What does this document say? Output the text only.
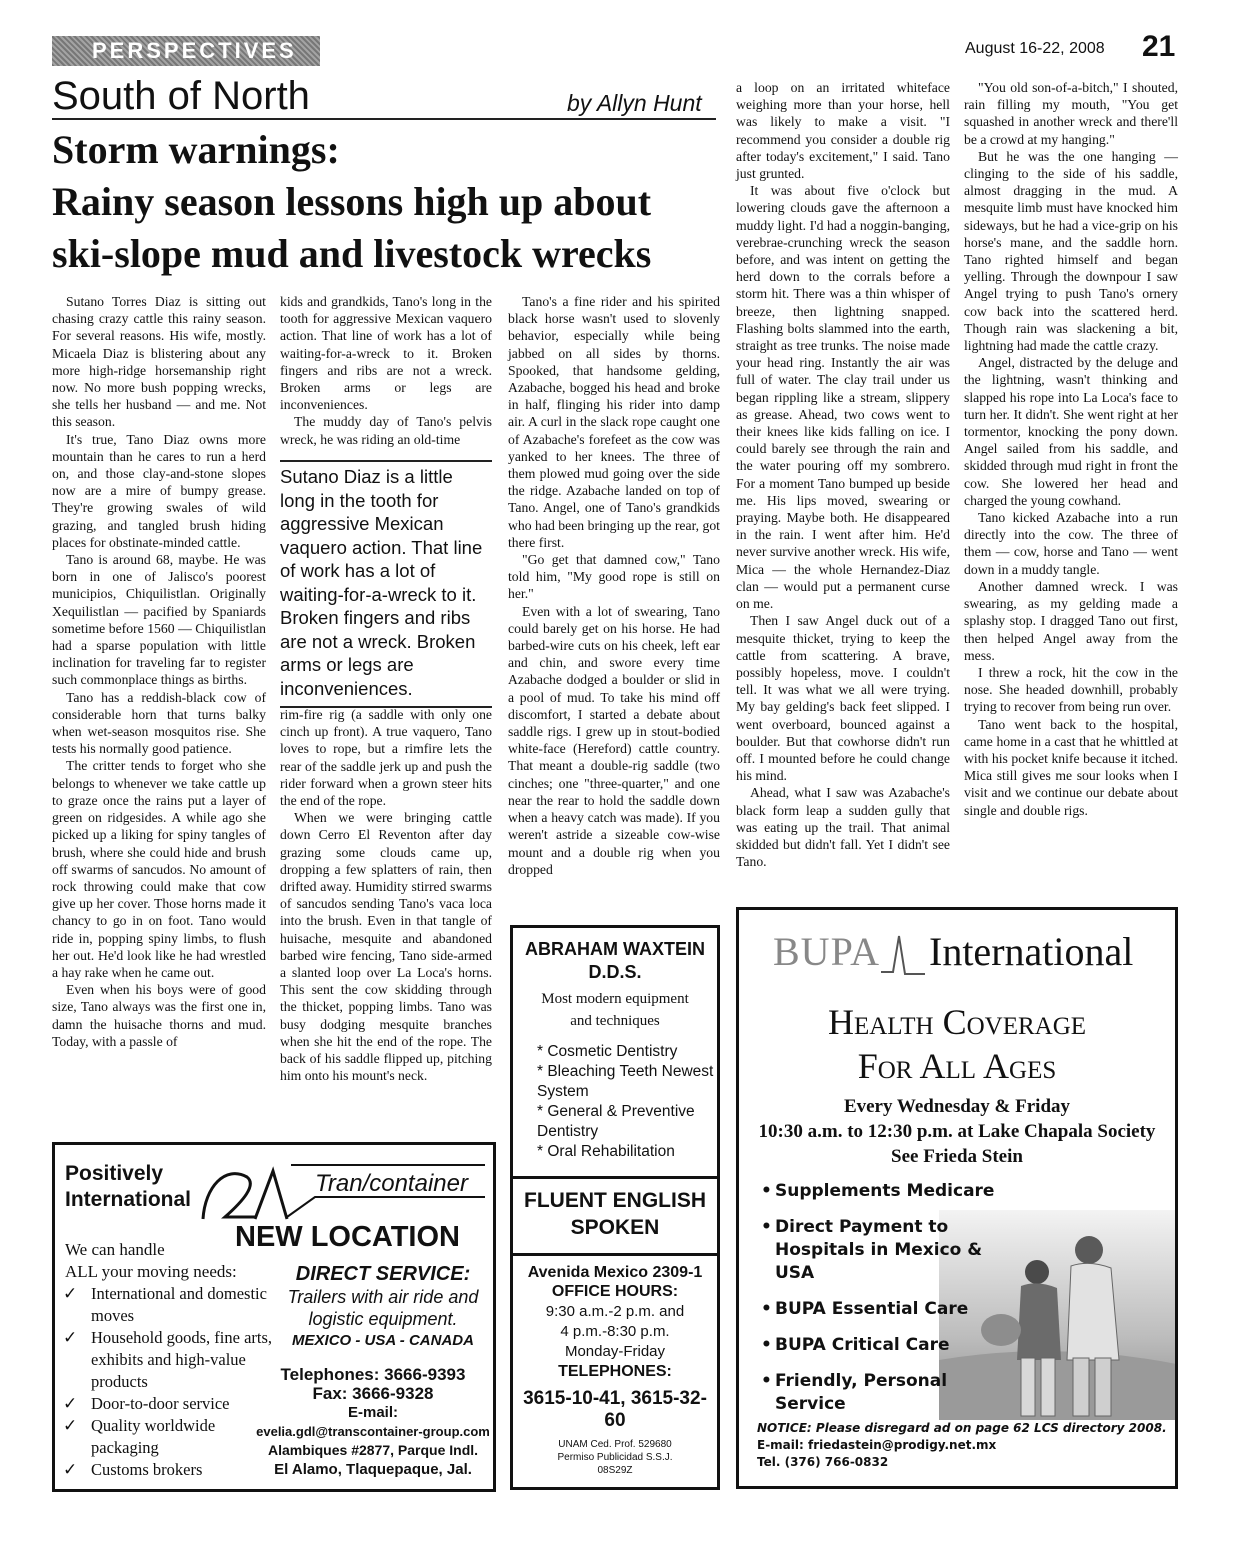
PERSPECTIVES	August 16-22, 2008 21
South of North	by Allyn Hunt
Storm warnings:
Rainy season lessons high up about
ski-slope mud and livestock wrecks

Sutano Torres Diaz is sitting out chasing crazy cattle this rainy season. For several reasons. His wife, mostly. Micaela Diaz is blistering about any more high-ridge horsemanship right now. No more bush popping wrecks, she tells her husband — and me. Not this season.

It's true, Tano Diaz owns more mountain than he cares to run a herd on, and those clay-and-stone slopes now are a mire of bumpy grease. They're growing swales of wild grazing, and tangled brush hiding places for obstinate-minded cattle.

Tano is around 68, maybe. He was born in one of Jalisco's poorest municipios, Chiquilistlan. Originally Xequilistlan — pacified by Spaniards sometime before 1560 — Chiquilistlan had a sparse population with little inclination for traveling far to register such commonplace things as births.

Tano has a reddish-black cow of considerable horn that turns balky when wet-season mosquitos rise. She tests his normally good patience.

The critter tends to forget who she belongs to whenever we take cattle up to graze once the rains put a layer of green on ridgesides. A while ago she picked up a liking for spiny tangles of brush, where she could hide and brush off swarms of sancudos. No amount of rock throwing could make that cow give up her cover. Those horns made it chancy to go in on foot. Tano would ride in, popping spiny limbs, to flush her out. He'd look like he had wrestled a hay rake when he came out.

Even when his boys were of good size, Tano always was the first one in, damn the huisache thorns and mud. Today, with a passle of

kids and grandkids, Tano's long in the tooth for aggressive Mexican vaquero action. That line of work has a lot of waiting-for-a-wreck to it. Broken fingers and ribs are not a wreck. Broken arms or legs are inconveniences.

The muddy day of Tano's pelvis wreck, he was riding an old-time

Sutano Diaz is a little long in the tooth for aggressive Mexican vaquero action. That line of work has a lot of waiting-for-a-wreck to it. Broken fingers and ribs are not a wreck. Broken arms or legs are inconveniences.

rim-fire rig (a saddle with only one cinch up front). A true vaquero, Tano loves to rope, but a rimfire lets the rear of the saddle jerk up and push the rider forward when a grown steer hits the end of the rope.

When we were bringing cattle down Cerro El Reventon after day grazing some clouds came up, dropping a few splatters of rain, then drifted away. Humidity stirred swarms of sancudos sending Tano's vaca loca into the brush. Even in that tangle of huisache, mesquite and abandoned barbed wire fencing, Tano side-armed a slanted loop over La Loca's horns. This sent the cow skidding through the thicket, popping limbs. Tano was busy dodging mesquite branches when she hit the end of the rope. The back of his saddle flipped up, pitching him onto his mount's neck.

Tano's a fine rider and his spirited black horse wasn't used to slovenly behavior, especially while being jabbed on all sides by thorns. Spooked, that handsome gelding, Azabache, bogged his head and broke in half, flinging his rider into damp air. A curl in the slack rope caught one of Azabache's forefeet as the cow was yanked to her knees. The three of them plowed mud going over the side the ridge. Azabache landed on top of Tano. Angel, one of Tano's grandkids who had been bringing up the rear, got there first.

"Go get that damned cow," Tano told him, "My good rope is still on her."

Even with a lot of swearing, Tano could barely get on his horse. He had barbed-wire cuts on his cheek, left ear and chin, and swore every time Azabache dodged a boulder or slid in a pool of mud. To take his mind off discomfort, I started a debate about saddle rigs. I grew up in stout-bodied white-face (Hereford) cattle country. That meant a double-rig saddle (two cinches; one "three-quarter," and one near the rear to hold the saddle down when a heavy catch was made). If you weren't astride a sizeable cow-wise mount and a double rig when you dropped

a loop on an irritated whiteface weighing more than your horse, hell was likely to make a visit. "I recommend you consider a double rig after today's excitement," I said. Tano just grunted.

It was about five o'clock but lowering clouds gave the afternoon a muddy light. I'd had a noggin-banging, verebrae-crunching wreck the season before, and was intent on getting the herd down to the corrals before a storm hit. There was a thin whisper of breeze, then lightning snapped. Flashing bolts slammed into the earth, straight as tree trunks. The noise made your head ring. Instantly the air was full of water. The clay trail under us began rippling like a stream, slippery as grease. Ahead, two cows went to their knees like kids falling on ice. I could barely see through the rain and the water pouring off my sombrero. For a moment Tano bumped up beside me. His lips moved, swearing or praying. Maybe both. He disappeared in the rain. I went after him. He'd never survive another wreck. His wife, Mica — the whole Hernandez-Diaz clan — would put a permanent curse on me.

Then I saw Angel duck out of a mesquite thicket, trying to keep the cattle from scattering. A brave, possibly hopeless, move. I couldn't tell. It was what we all were trying. My bay gelding's back feet slipped. I went overboard, bounced against a boulder. But that cowhorse didn't run off. I mounted before he could change his mind.

Ahead, what I saw was Azabache's black form leap a sudden gully that was eating up the trail. That animal skidded but didn't fall. Yet I didn't see Tano.

"You old son-of-a-bitch," I shouted, rain filling my mouth, "You get squashed in another wreck and there'll be a crowd at my hanging."

But he was the one hanging — clinging to the side of his saddle, almost dragging in the mud. A mesquite limb must have knocked him sideways, but he had a vice-grip on his horse's mane, and the saddle horn. Tano righted himself and began yelling. Through the downpour I saw Angel trying to push Tano's ornery cow back into the scattered herd. Though rain was slackening a bit, lightning had made the cattle crazy.

Angel, distracted by the deluge and the lightning, wasn't thinking and slapped his rope into La Loca's face to turn her. It didn't. She went right at her tormentor, knocking the pony down. Angel sailed from his saddle, and skidded through mud right in front the cow. She lowered her head and charged the young cowhand.

Tano kicked Azabache into a run directly into the cow. The three of them — cow, horse and Tano — went down in a muddy tangle.

Another damned wreck. I was swearing, as my gelding made a splashy stop. I dragged Tano out first, then helped Angel away from the mess.

I threw a rock, hit the cow in the nose. She headed downhill, probably trying to recover from being run over.

Tano went back to the hospital, came home in a cast that he whittled at with his pocket knife because it itched. Mica still gives me sour looks when I visit and we continue our debate about single and double rigs.

Positively
International
Tran/container
NEW LOCATION
We can handle
ALL your moving needs:
✓ International and domestic moves
✓ Household goods, fine arts, exhibits and high-value products
✓ Door-to-door service
✓ Quality worldwide packaging
✓ Customs brokers
DIRECT SERVICE:
Trailers with air ride and logistic equipment.
MEXICO - USA - CANADA
Telephones: 3666-9393
Fax: 3666-9328
E-mail:
evelia.gdl@transcontainer-group.com
Alambiques #2877, Parque Indl.
El Alamo, Tlaquepaque, Jal.
ABRAHAM WAXTEIN
D.D.S.
Most modern equipment
and techniques
* Cosmetic Dentistry
* Bleaching Teeth Newest System
* General & Preventive Dentistry
* Oral Rehabilitation
FLUENT ENGLISH
SPOKEN
Avenida Mexico 2309-1
OFFICE HOURS:
9:30 a.m.-2 p.m. and
4 p.m.-8:30 p.m.
Monday-Friday
TELEPHONES:
3615-10-41, 3615-32-60
UNAM Ced. Prof. 529680
Permiso Publicidad S.S.J.
08S29Z
BUPA International
Health Coverage
For All Ages
Every Wednesday & Friday
10:30 a.m. to 12:30 p.m. at Lake Chapala Society
See Frieda Stein
• Supplements Medicare
• Direct Payment to Hospitals in Mexico & USA
• BUPA Essential Care
• BUPA Critical Care
• Friendly, Personal Service
NOTICE: Please disregard ad on page 62 LCS directory 2008.
E-mail: friedastein@prodigy.net.mx
Tel. (376) 766-0832
